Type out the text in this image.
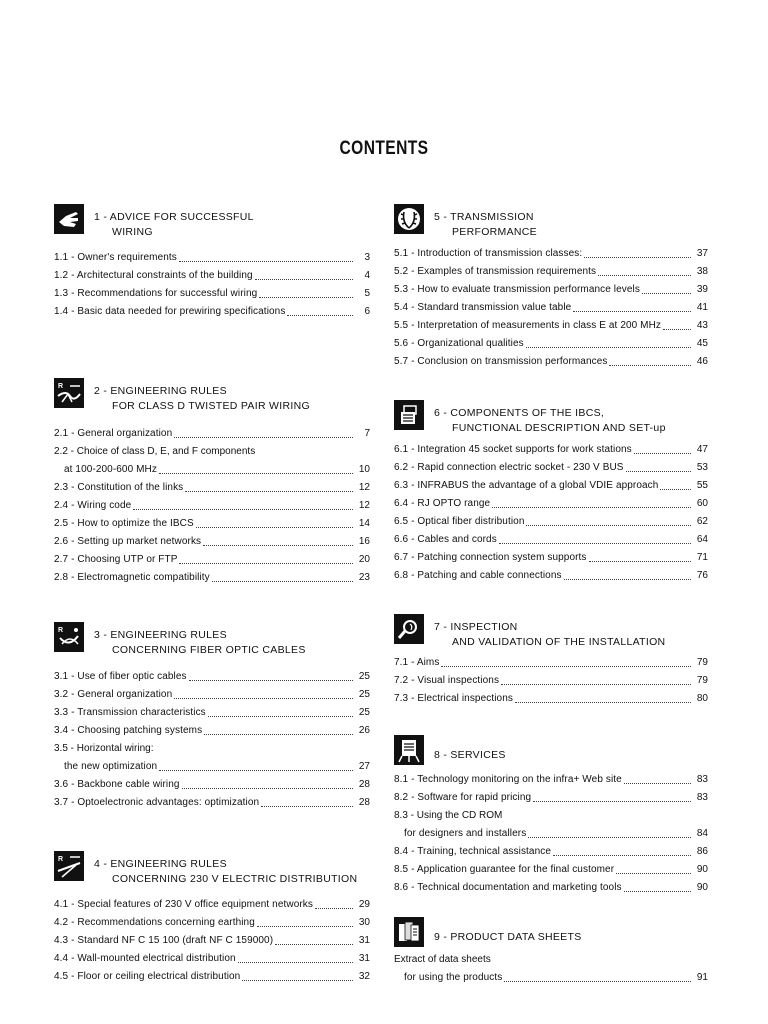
CONTENTS
1 - ADVICE FOR SUCCESSFUL
WIRING
1.1 - Owner's requirements	3
1.2 - Architectural constraints of the building	4
1.3 - Recommendations for successful wiring	5
1.4 - Basic data needed for prewiring specifications	6
R	2 - ENGINEERING RULES
FOR CLASS D TWISTED PAIR WIRING
2.1 - General organization	7
2.2 - Choice of class D, E, and F components
at 100-200-600 MHz	10
2.3 - Constitution of the links	12
2.4 - Wiring code	12
2.5 - How to optimize the IBCS	14
2.6 - Setting up market networks	16
2.7 - Choosing UTP or FTP	20
2.8 - Electromagnetic compatibility	23
R	3 - ENGINEERING RULES
CONCERNING FIBER OPTIC CABLES
3.1 - Use of fiber optic cables	25
3.2 - General organization	25
3.3 - Transmission characteristics	25
3.4 - Choosing patching systems	26
3.5 - Horizontal wiring:
the new optimization	27
3.6 - Backbone cable wiring	28
3.7 - Optoelectronic advantages: optimization	28
R	4 - ENGINEERING RULES
CONCERNING 230 V ELECTRIC DISTRIBUTION
4.1 - Special features of 230 V office equipment networks	29
4.2 - Recommendations concerning earthing	30
4.3 - Standard NF C 15 100 (draft NF C 159000)	31
4.4 - Wall-mounted electrical distribution	31
4.5 - Floor or ceiling electrical distribution	32
5 - TRANSMISSION
PERFORMANCE
5.1 - Introduction of transmission classes:	37
5.2 - Examples of transmission requirements	38
5.3 - How to evaluate transmission performance levels	39
5.4 - Standard transmission value table	41
5.5 - Interpretation of measurements in class E at 200 MHz	43
5.6 - Organizational qualities	45
5.7 - Conclusion on transmission performances	46
6 - COMPONENTS OF THE IBCS,
FUNCTIONAL DESCRIPTION AND SET-up
6.1 - Integration 45 socket supports for work stations	47
6.2 - Rapid connection electric socket - 230 V BUS	53
6.3 - INFRABUS the advantage of a global VDIE approach	55
6.4 - RJ OPTO range	60
6.5 - Optical fiber distribution	62
6.6 - Cables and cords	64
6.7 - Patching connection system supports	71
6.8 - Patching and cable connections	76
7 - INSPECTION
AND VALIDATION OF THE INSTALLATION
7.1 - Aims	79
7.2 - Visual inspections	79
7.3 - Electrical inspections	80
8 - SERVICES
8.1 - Technology monitoring on the infra+ Web site	83
8.2 - Software for rapid pricing	83
8.3 - Using the CD ROM
for designers and installers	84
8.4 - Training, technical assistance	86
8.5 - Application guarantee for the final customer	90
8.6 - Technical documentation and marketing tools	90
9 - PRODUCT DATA SHEETS
Extract of data sheets
for using the products	91
